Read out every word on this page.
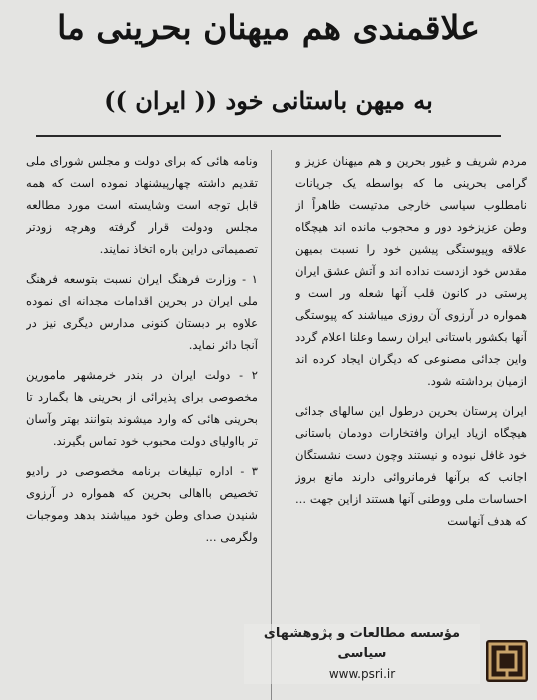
علاقمندی هم میهنان بحرینی ما
به میهن باستانی خود (( ایران ))

مردم شریف و غیور بحرین و هم میهنان عزیز و گرامی بحرینی ما که بواسطه یک جریانات نامطلوب سیاسی خارجی مدتیست ظاهراً از وطن عزیزخود دور و محجوب مانده اند هیچگاه علاقه وپیوستگی پیشین خود را نسبت بمیهن مقدس خود ازدست نداده اند و آتش عشق ایران پرستی در کانون قلب آنها شعله ور است و همواره در آرزوی آن روزی میباشند که پیوستگی آنها بکشور باستانی ایران رسما وعلنا اعلام گردد واین جدائی مصنوعی که دیگران ایجاد کرده اند ازمیان برداشته شود.

ایران پرستان بحرین درطول این سالهای جدائی هیچگاه ازیاد ایران وافتخارات دودمان باستانی خود غافل نبوده و نیستند وچون دست نشستگان اجانب که برآنها فرمانروائی دارند مانع بروز احساسات ملی ووطنی آنها هستند ازاین جهت ... که هدف آنهاست

ونامه هائی که برای دولت و مجلس شورای ملی تقدیم داشته چهارپیشنهاد نموده است که همه قابل توجه است وشایسته است مورد مطالعه مجلس ودولت قرار گرفته وهرچه زودتر تصمیماتی دراین باره اتخاذ نمایند.

۱ - وزارت فرهنگ ایران نسبت بتوسعه فرهنگ ملی ایران در بحرین اقدامات مجدانه ای نموده علاوه بر دبستان کنونی مدارس دیگری نیز در آنجا دائر نماید.

۲ - دولت ایران در بندر خرمشهر مامورین مخصوصی برای پذیرائی از بحرینی ها بگمارد تا بحرینی هائی که وارد میشوند بتوانند بهتر وآسان تر بااولیای دولت محبوب خود تماس بگیرند.

۳ - اداره تبلیغات برنامه مخصوصی در رادیو تخصیص بااهالی بحرین که همواره در آرزوی شنیدن صدای وطن خود میباشند بدهد وموجبات ولگرمی ...

مؤسسه مطالعات و پژوهشهای سیاسی
www.psri.ir
